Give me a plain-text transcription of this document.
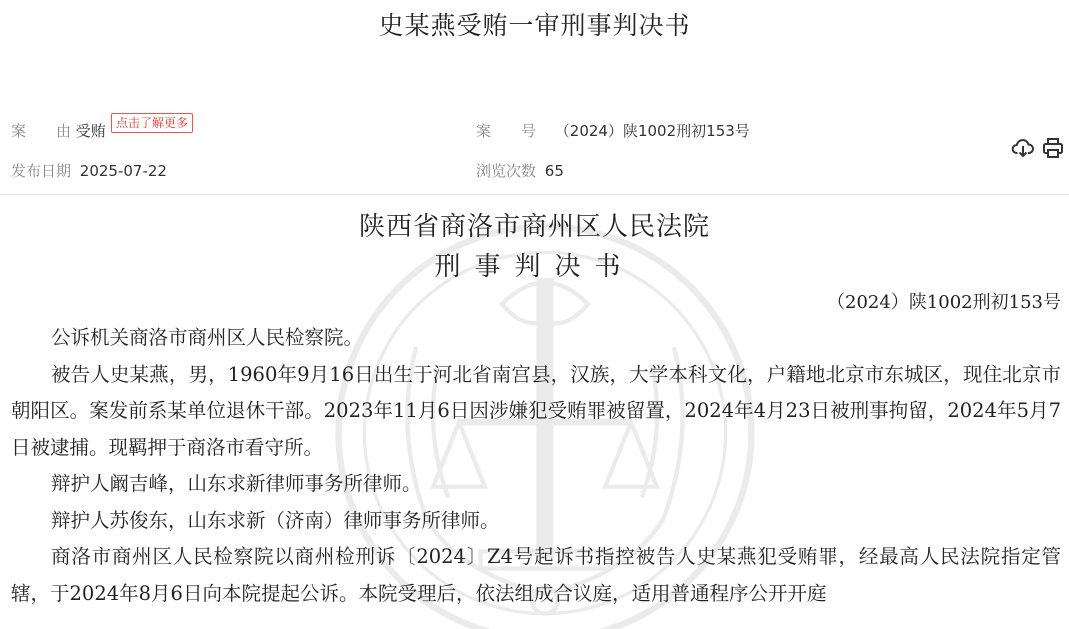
史某燕受贿一审刑事判决书
案　　由 受贿 点击了解更多	案　　号 （2024）陕1002刑初153号
发布日期 2025-07-22	浏览次数 65
陕西省商洛市商州区人民法院
刑事判决书
（2024）陕1002刑初153号
公诉机关商洛市商州区人民检察院。
被告人史某燕，男，1960年9月16日出生于河北省南宫县，汉族，大学本科文化，户籍地北京市东城区，现住北京市朝阳区。案发前系某单位退休干部。2023年11月6日因涉嫌犯受贿罪被留置，2024年4月23日被刑事拘留，2024年5月7日被逮捕。现羁押于商洛市看守所。
辩护人阚吉峰，山东求新律师事务所律师。
辩护人苏俊东，山东求新（济南）律师事务所律师。
商洛市商州区人民检察院以商州检刑诉〔2024〕Z4号起诉书指控被告人史某燕犯受贿罪，经最高人民法院指定管辖，于2024年8月6日向本院提起公诉。本院受理后，依法组成合议庭，适用普通程序公开开庭
